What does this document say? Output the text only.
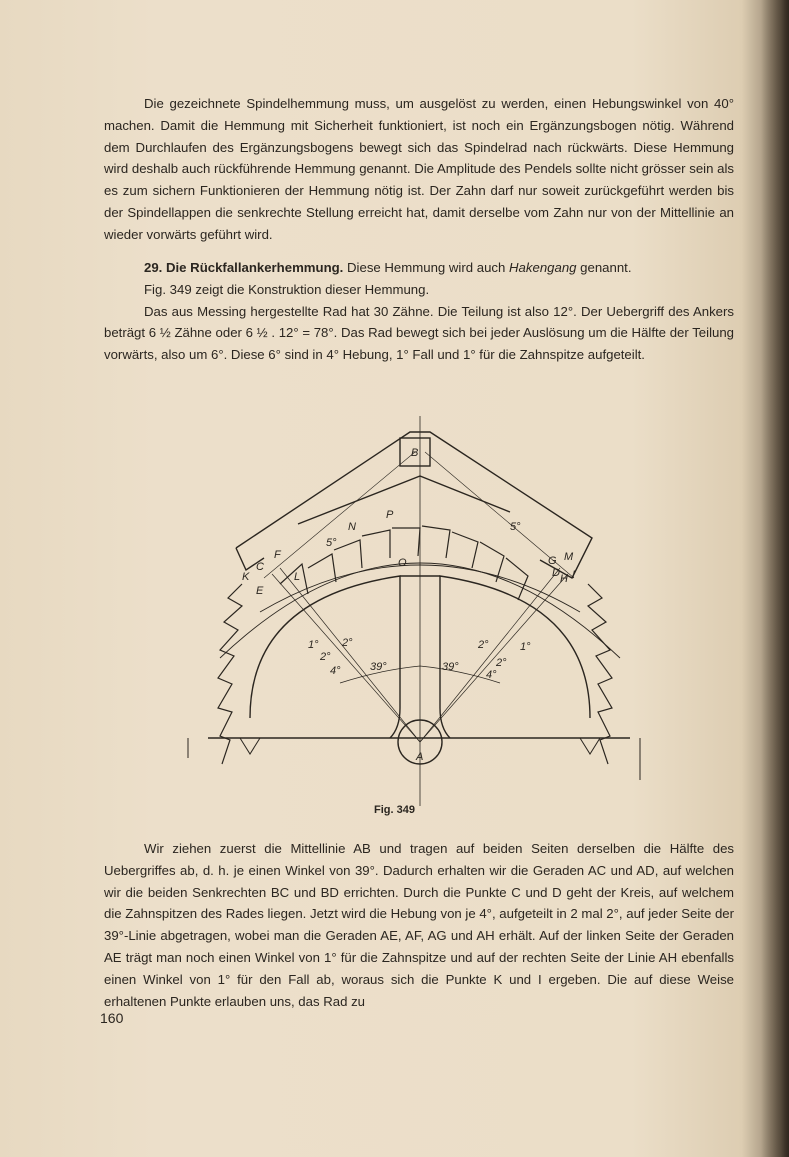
Die gezeichnete Spindelhemmung muss, um ausgelöst zu werden, einen Hebungswinkel von 40° machen. Damit die Hemmung mit Sicherheit funktioniert, ist noch ein Ergänzungsbogen nötig. Während dem Durchlaufen des Ergänzungsbogens bewegt sich das Spindelrad nach rückwärts. Diese Hemmung wird deshalb auch rückführende Hemmung genannt. Die Amplitude des Pendels sollte nicht grösser sein als es zum sichern Funktionieren der Hemmung nötig ist. Der Zahn darf nur soweit zurückgeführt werden bis der Spindellappen die senkrechte Stellung erreicht hat, damit derselbe vom Zahn nur von der Mittellinie an wieder vorwärts geführt wird.

29. Die Rückfallankerhemmung. Diese Hemmung wird auch Hakengang genannt.

Fig. 349 zeigt die Konstruktion dieser Hemmung.

Das aus Messing hergestellte Rad hat 30 Zähne. Die Teilung ist also 12°. Der Uebergriff des Ankers beträgt 6 ½ Zähne oder 6 ½ . 12° = 78°. Das Rad bewegt sich bei jeder Auslösung um die Hälfte der Teilung vorwärts, also um 6°. Diese 6° sind in 4° Hebung, 1° Fall und 1° für die Zahnspitze aufgeteilt.

B
A
P
N
O
C	D
E
F	G
H I
K	L
M
5°
5°
1° 2°
2°
4°
1°
2°
2°
4°
39°	39°
Fig. 349

Wir ziehen zuerst die Mittellinie AB und tragen auf beiden Seiten derselben die Hälfte des Uebergriffes ab, d. h. je einen Winkel von 39°. Dadurch erhalten wir die Geraden AC und AD, auf welchen wir die beiden Senkrechten BC und BD errichten. Durch die Punkte C und D geht der Kreis, auf welchem die Zahnspitzen des Rades liegen. Jetzt wird die Hebung von je 4°, aufgeteilt in 2 mal 2°, auf jeder Seite der 39°-Linie abgetragen, wobei man die Geraden AE, AF, AG und AH erhält. Auf der linken Seite der Geraden AE trägt man noch einen Winkel von 1° für die Zahnspitze und auf der rechten Seite der Linie AH ebenfalls einen Winkel von 1° für den Fall ab, woraus sich die Punkte K und I ergeben. Die auf diese Weise erhaltenen Punkte erlauben uns, das Rad zu

160
